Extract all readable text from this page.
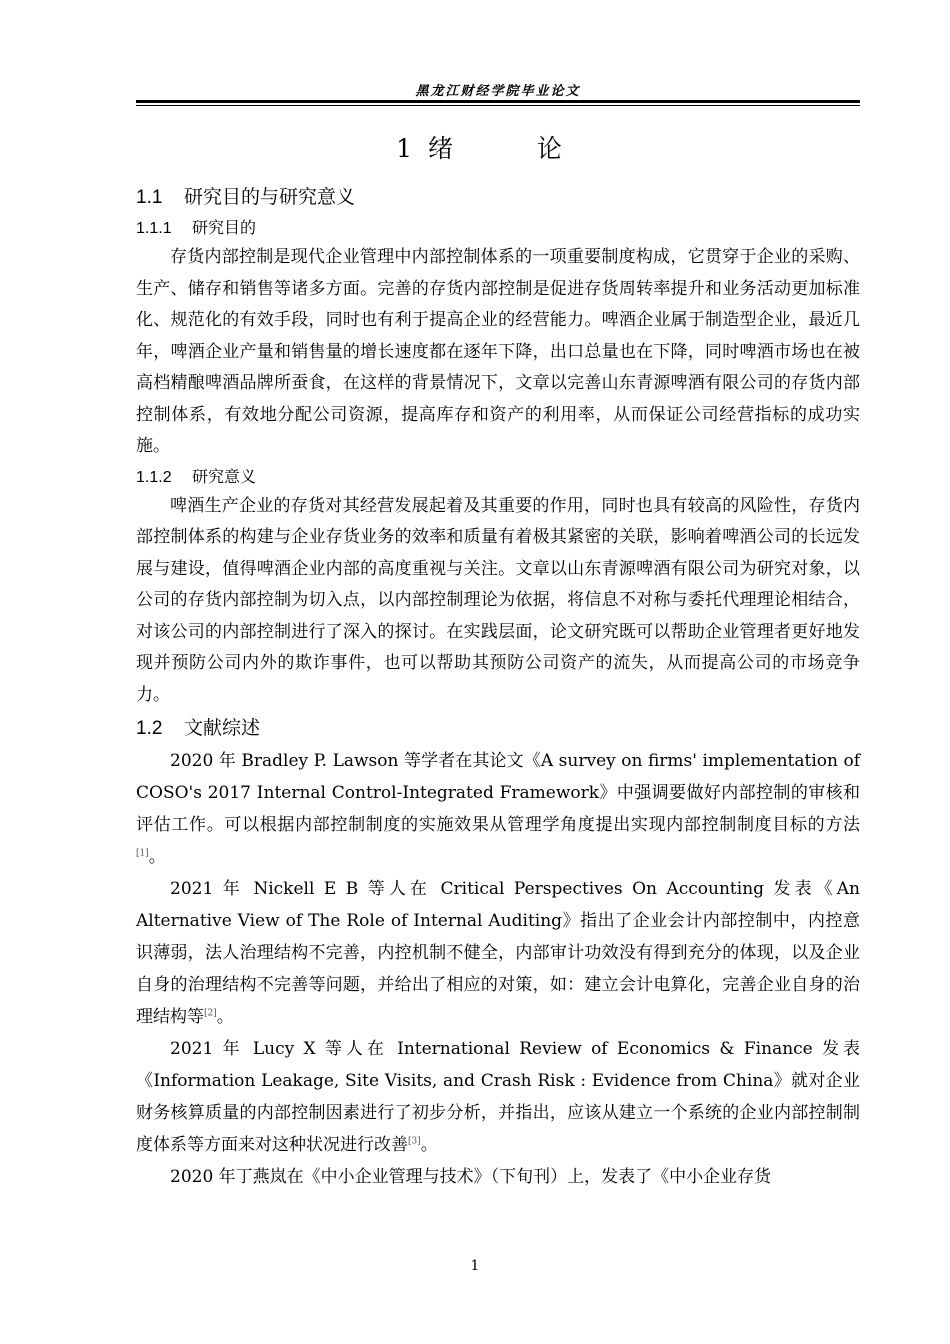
黑龙江财经学院毕业论文
1 绪 论
1.1 研究目的与研究意义
1.1.1 研究目的

存货内部控制是现代企业管理中内部控制体系的一项重要制度构成，它贯穿于企业的采购、生产、储存和销售等诸多方面。完善的存货内部控制是促进存货周转率提升和业务活动更加标准化、规范化的有效手段，同时也有利于提高企业的经营能力。啤酒企业属于制造型企业，最近几年，啤酒企业产量和销售量的增长速度都在逐年下降，出口总量也在下降，同时啤酒市场也在被高档精酿啤酒品牌所蚕食，在这样的背景情况下，文章以完善山东青源啤酒有限公司的存货内部控制体系，有效地分配公司资源，提高库存和资产的利用率，从而保证公司经营指标的成功实施。

1.1.2 研究意义

啤酒生产企业的存货对其经营发展起着及其重要的作用，同时也具有较高的风险性，存货内部控制体系的构建与企业存货业务的效率和质量有着极其紧密的关联，影响着啤酒公司的长远发展与建设，值得啤酒企业内部的高度重视与关注。文章以山东青源啤酒有限公司为研究对象，以公司的存货内部控制为切入点，以内部控制理论为依据，将信息不对称与委托代理理论相结合，对该公司的内部控制进行了深入的探讨。在实践层面，论文研究既可以帮助企业管理者更好地发现并预防公司内外的欺诈事件，也可以帮助其预防公司资产的流失，从而提高公司的市场竞争力。

1.2 文献综述

2020 年 Bradley P. Lawson 等学者在其论文《A survey on firms' implementation of COSO's 2017 Internal Control-Integrated Framework》中强调要做好内部控制的审核和评估工作。可以根据内部控制制度的实施效果从管理学角度提出实现内部控制制度目标的方法[1]。

2021 年 Nickell E B 等人在 Critical Perspectives On Accounting 发表《An Alternative View of The Role of Internal Auditing》指出了企业会计内部控制中，内控意识薄弱，法人治理结构不完善，内控机制不健全，内部审计功效没有得到充分的体现，以及企业自身的治理结构不完善等问题，并给出了相应的对策，如：建立会计电算化，完善企业自身的治理结构等[2]。

2021 年 Lucy X 等人在 International Review of Economics & Finance 发表《Information Leakage, Site Visits, and Crash Risk : Evidence from China》就对企业财务核算质量的内部控制因素进行了初步分析，并指出，应该从建立一个系统的企业内部控制制度体系等方面来对这种状况进行改善[3]。

2020 年丁燕岚在《中小企业管理与技术》（下旬刊）上，发表了《中小企业存货

1
